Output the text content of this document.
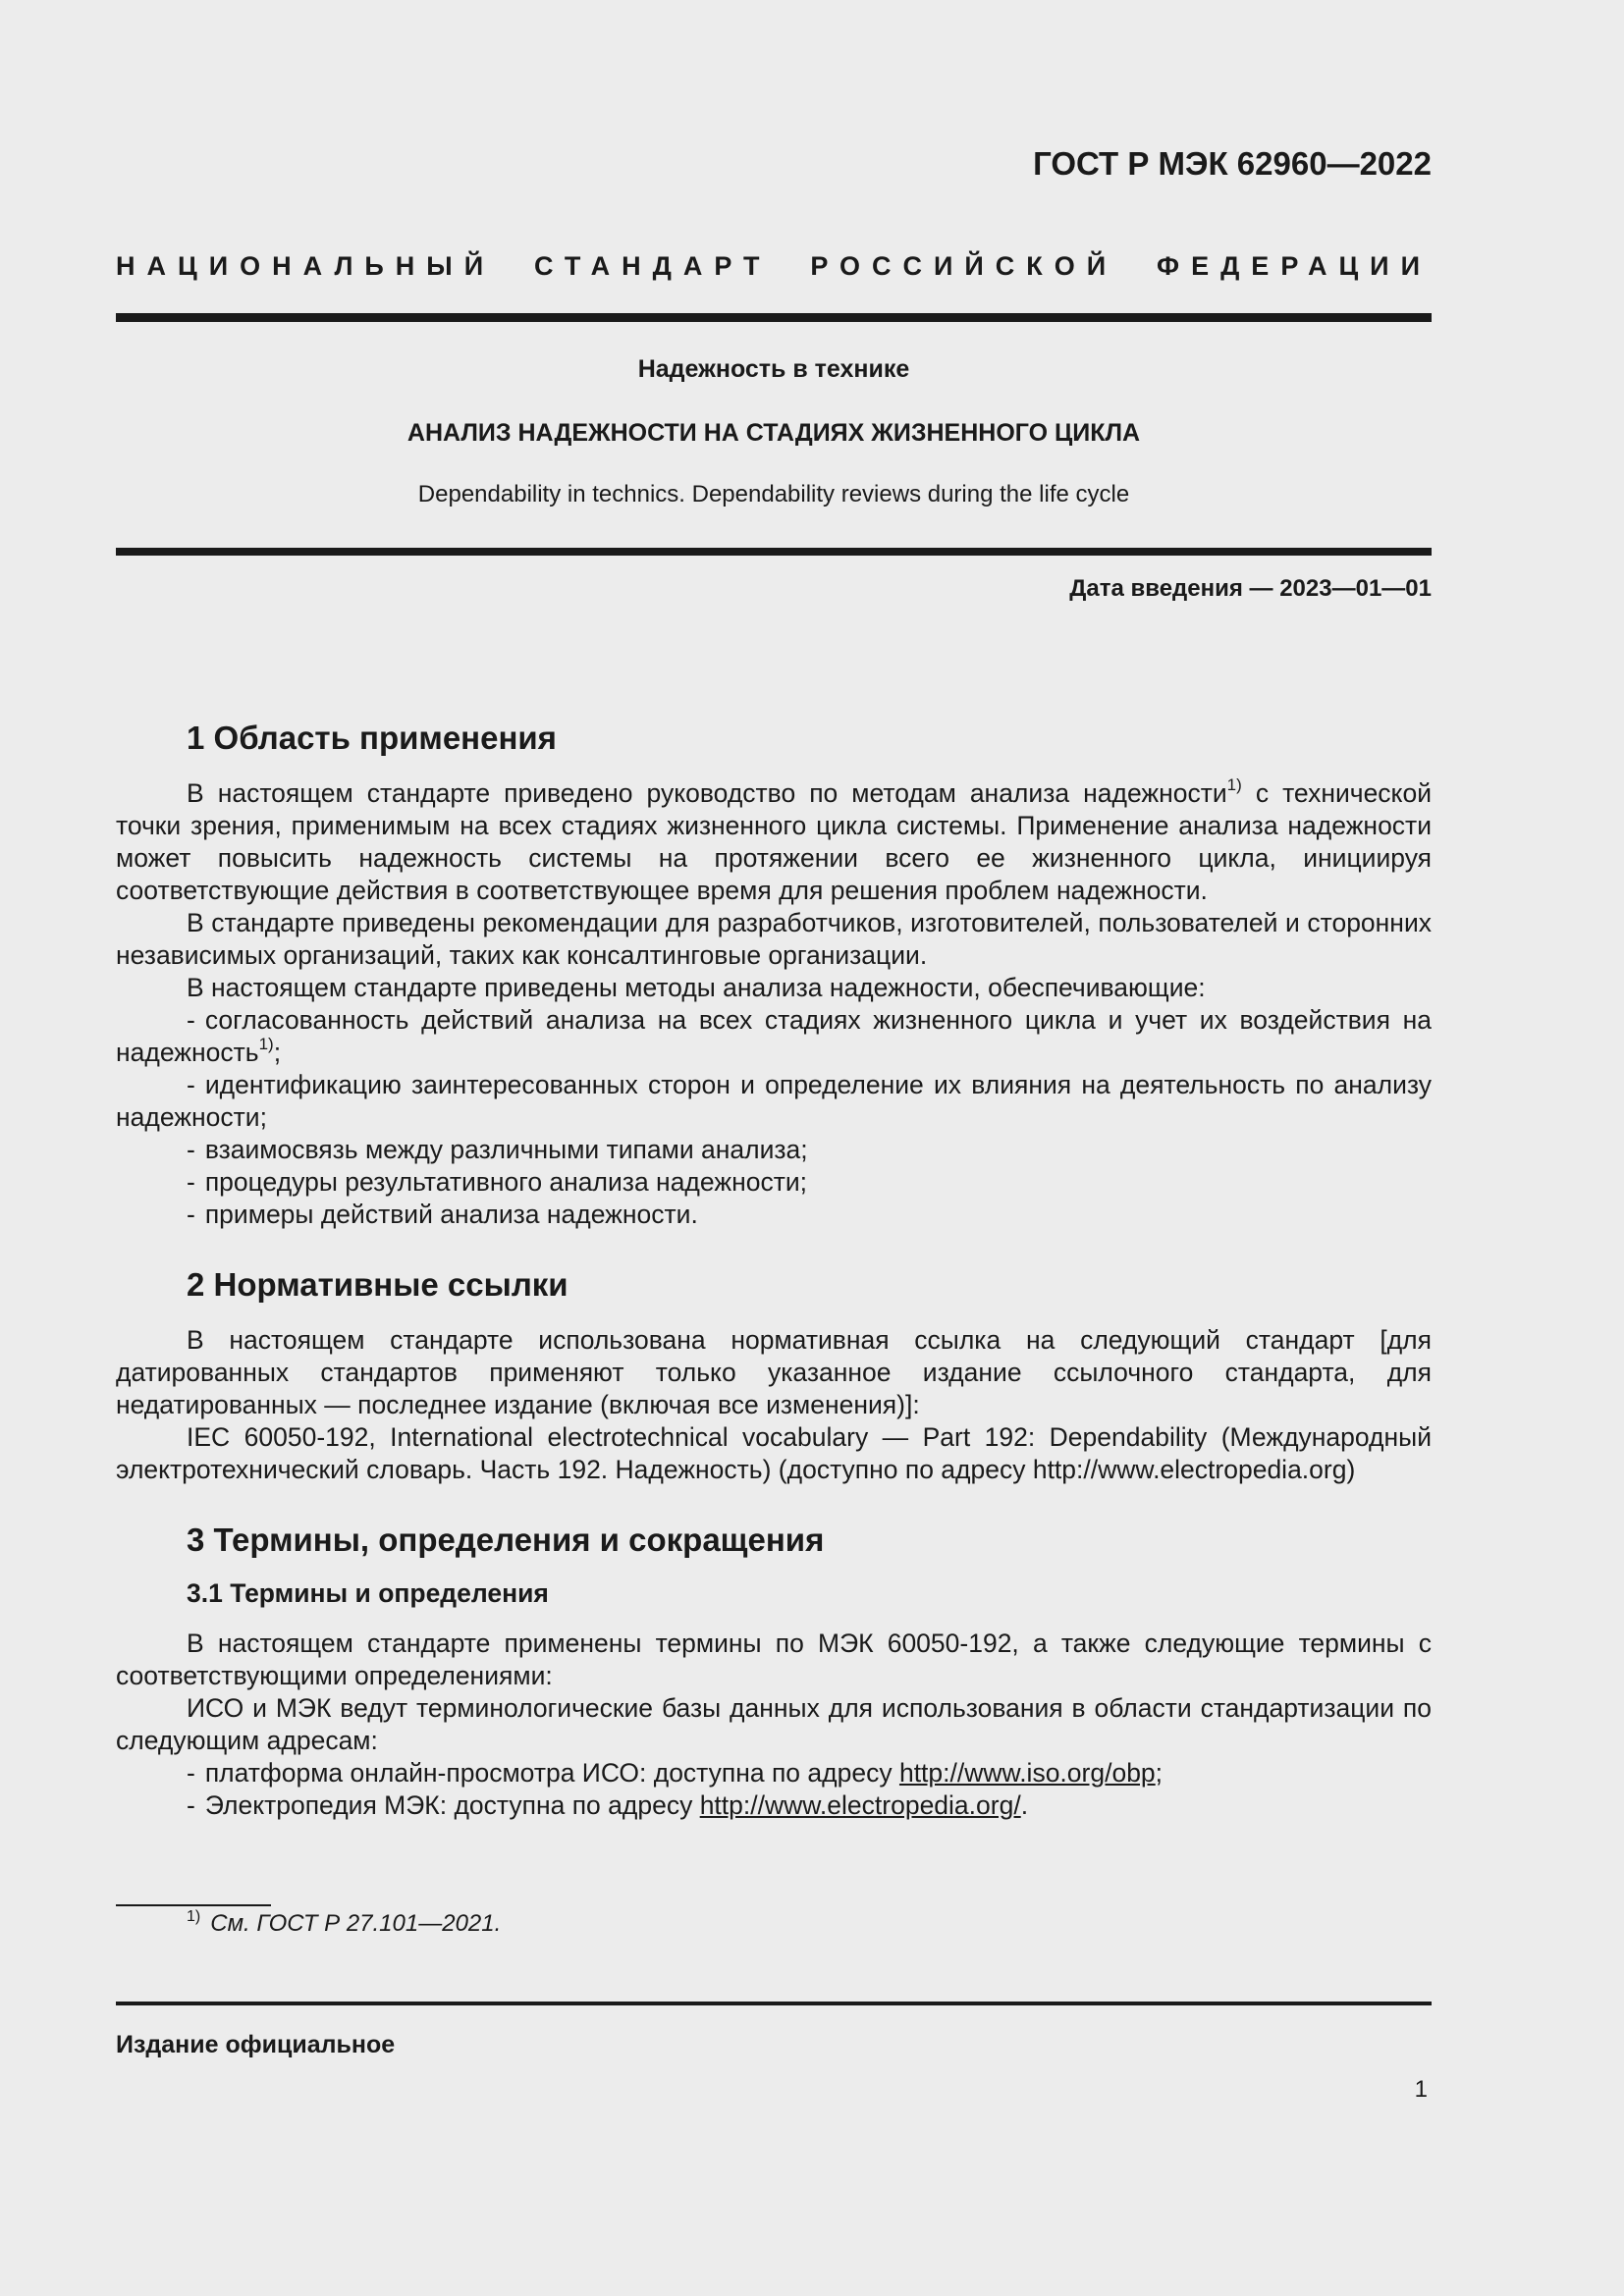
ГОСТ Р МЭК 62960—2022
НАЦИОНАЛЬНЫЙ СТАНДАРТ РОССИЙСКОЙ ФЕДЕРАЦИИ
Надежность в технике
АНАЛИЗ НАДЕЖНОСТИ НА СТАДИЯХ ЖИЗНЕННОГО ЦИКЛА
Dependability in technics. Dependability reviews during the life cycle
Дата введения — 2023—01—01
1 Область применения

В настоящем стандарте приведено руководство по методам анализа надежности$^{1)}$ с технической точки зрения, применимым на всех стадиях жизненного цикла системы. Применение анализа надежности может повысить надежность системы на протяжении всего ее жизненного цикла, инициируя соответствующие действия в соответствующее время для решения проблем надежности.

В стандарте приведены рекомендации для разработчиков, изготовителей, пользователей и сторонних независимых организаций, таких как консалтинговые организации.

В настоящем стандарте приведены методы анализа надежности, обеспечивающие:

- согласованность действий анализа на всех стадиях жизненного цикла и учет их воздействия на надежность$^{1)}$;
- идентификацию заинтересованных сторон и определение их влияния на деятельность по анализу надежности;
- взаимосвязь между различными типами анализа;
- процедуры результативного анализа надежности;
- примеры действий анализа надежности.
2 Нормативные ссылки

В настоящем стандарте использована нормативная ссылка на следующий стандарт [для датированных стандартов применяют только указанное издание ссылочного стандарта, для недатированных — последнее издание (включая все изменения)]:

IEC 60050-192, International electrotechnical vocabulary — Part 192: Dependability (Международный электротехнический словарь. Часть 192. Надежность) (доступно по адресу http://www.electropedia.org)

3 Термины, определения и сокращения
3.1 Термины и определения

В настоящем стандарте применены термины по МЭК 60050-192, а также следующие термины с соответствующими определениями:

ИСО и МЭК ведут терминологические базы данных для использования в области стандартизации по следующим адресам:

- платформа онлайн-просмотра ИСО: доступна по адресу http://www.iso.org/obp;
- Электропедия МЭК: доступна по адресу http://www.electropedia.org/.
$^{1)}$ См. ГОСТ Р 27.101—2021.
Издание официальное
1
